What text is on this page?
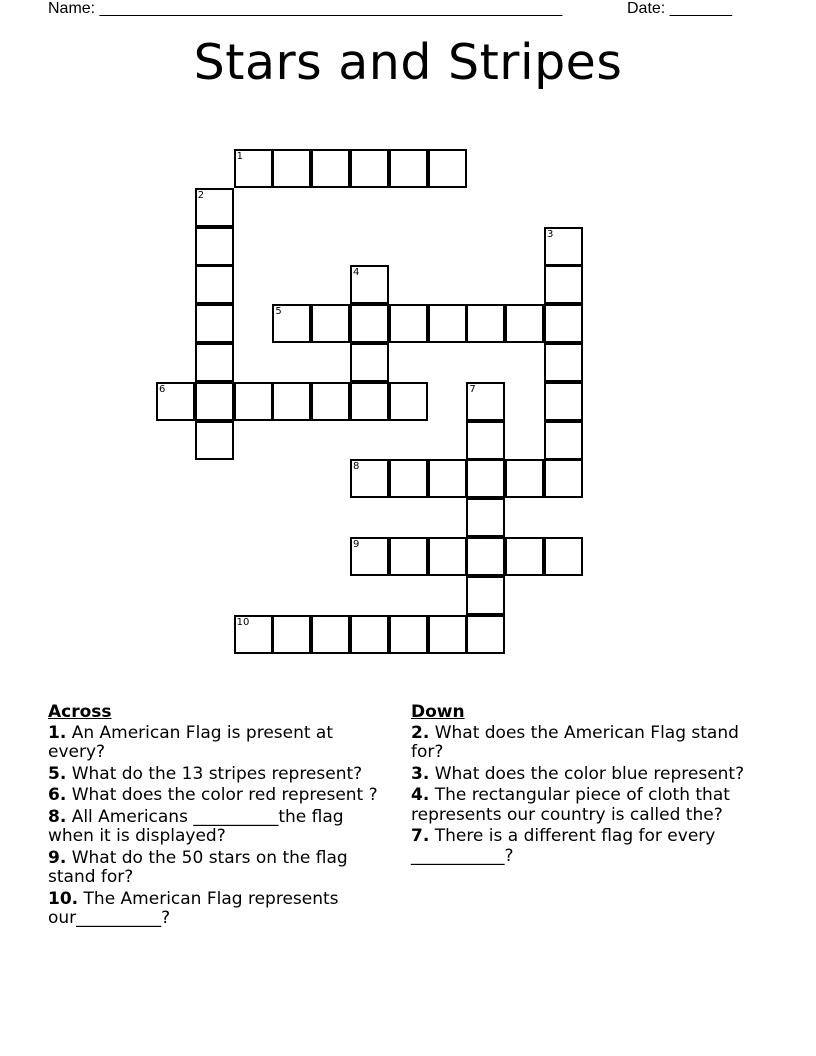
Name: ____________________________________________________	Date: _______
Stars and Stripes
1
2
3
4
5
6	7
8
9
10
Across
1. An American Flag is present at every?
5. What do the 13 stripes represent?
6. What does the color red represent ?
8. All Americans __________the flag when it is displayed?
9. What do the 50 stars on the flag stand for?
10. The American Flag represents our__________?
Down
2. What does the American Flag stand for?
3. What does the color blue represent?
4. The rectangular piece of cloth that represents our country is called the?
7. There is a different flag for every ___________?
